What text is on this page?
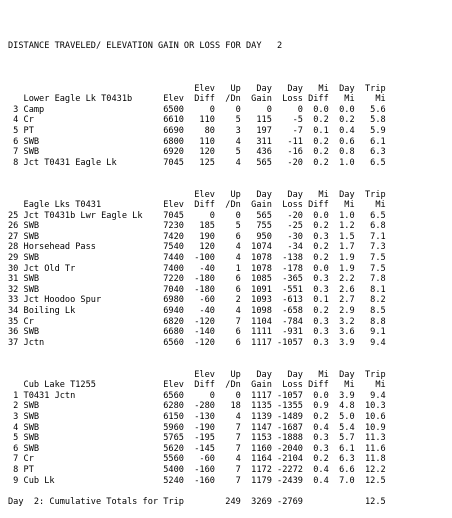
DISTANCE TRAVELED/ ELEVATION GAIN OR LOSS FOR DAY   2

Elev   Up   Day   Day   Mi  Day  Trip
Lower Eagle Lk T0431b      Elev  Diff  /Dn  Gain  Loss Diff   Mi    Mi
3 Camp                       6500     0    0     0     0  0.0  0.0   5.6
4 Cr                         6610   110    5   115    -5  0.2  0.2   5.8
5 PT                         6690    80    3   197    -7  0.1  0.4   5.9
6 SWB                        6800   110    4   311   -11  0.2  0.6   6.1
7 SWB                        6920   120    5   436   -16  0.2  0.8   6.3
8 Jct T0431 Eagle Lk         7045   125    4   565   -20  0.2  1.0   6.5
Elev   Up   Day   Day   Mi  Day  Trip
Eagle Lks T0431            Elev  Diff  /Dn  Gain  Loss Diff   Mi    Mi
25 Jct T0431b Lwr Eagle Lk    7045     0    0   565   -20  0.0  1.0   6.5
26 SWB                        7230   185    5   755   -25  0.2  1.2   6.8
27 SWB                        7420   190    6   950   -30  0.3  1.5   7.1
28 Horsehead Pass             7540   120    4  1074   -34  0.2  1.7   7.3
29 SWB                        7440  -100    4  1078  -138  0.2  1.9   7.5
30 Jct Old Tr                 7400   -40    1  1078  -178  0.0  1.9   7.5
31 SWB                        7220  -180    6  1085  -365  0.3  2.2   7.8
32 SWB                        7040  -180    6  1091  -551  0.3  2.6   8.1
33 Jct Hoodoo Spur            6980   -60    2  1093  -613  0.1  2.7   8.2
34 Boiling Lk                 6940   -40    4  1098  -658  0.2  2.9   8.5
35 Cr                         6820  -120    7  1104  -784  0.3  3.2   8.8
36 SWB                        6680  -140    6  1111  -931  0.3  3.6   9.1
37 Jctn                       6560  -120    6  1117 -1057  0.3  3.9   9.4
Elev   Up   Day   Day   Mi  Day  Trip
Cub Lake T1255             Elev  Diff  /Dn  Gain  Loss Diff   Mi    Mi
1 T0431 Jctn                 6560     0    0  1117 -1057  0.0  3.9   9.4
2 SWB                        6280  -280   18  1135 -1355  0.9  4.8  10.3
3 SWB                        6150  -130    4  1139 -1489  0.2  5.0  10.6
4 SWB                        5960  -190    7  1147 -1687  0.4  5.4  10.9
5 SWB                        5765  -195    7  1153 -1888  0.3  5.7  11.3
6 SWB                        5620  -145    7  1160 -2040  0.3  6.1  11.6
7 Cr                         5560   -60    4  1164 -2104  0.2  6.3  11.8
8 PT                         5400  -160    7  1172 -2272  0.4  6.6  12.2
9 Cub Lk                     5240  -160    7  1179 -2439  0.4  7.0  12.5
Day  2: Cumulative Totals for Trip        249  3269 -2769            12.5
